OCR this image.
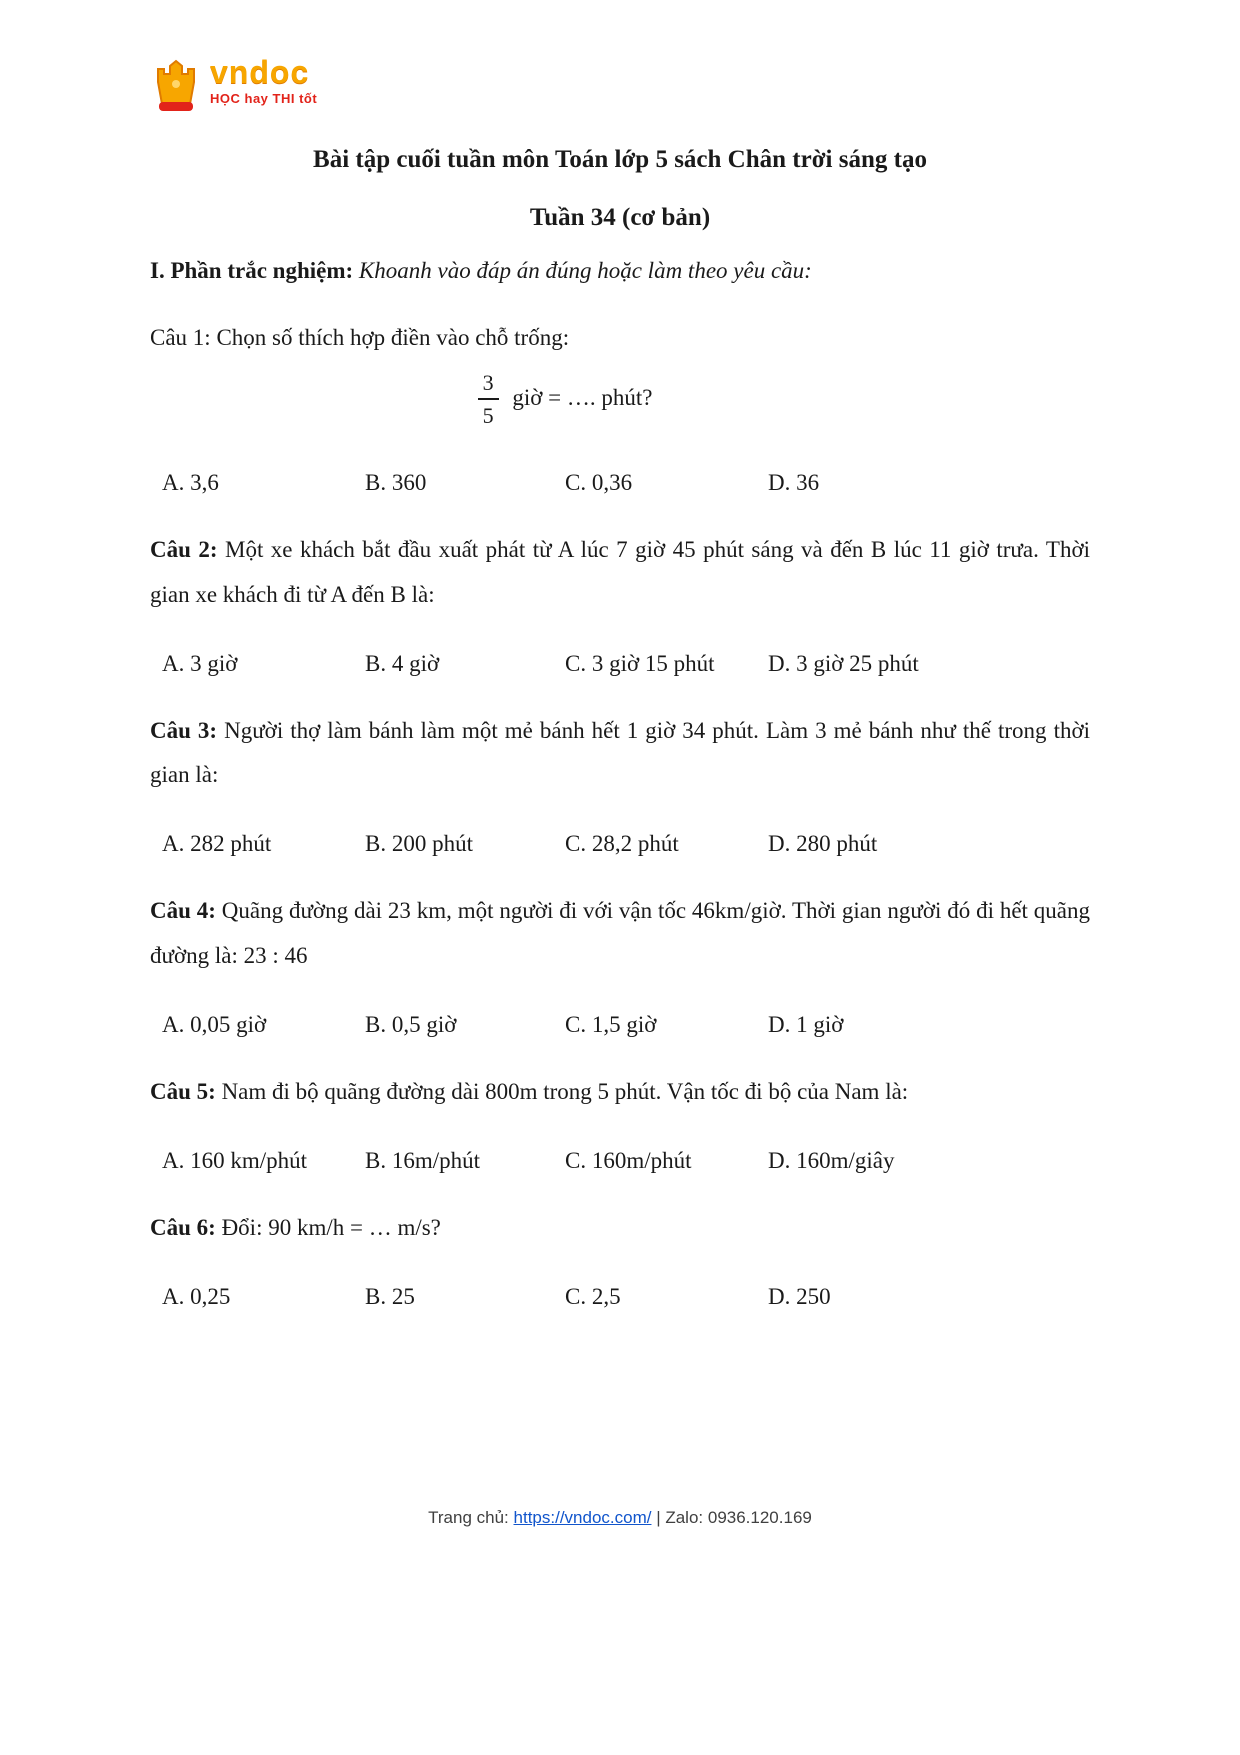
vndoc
HỌC hay THI tốt
Bài tập cuối tuần môn Toán lớp 5 sách Chân trời sáng tạo
Tuần 34 (cơ bản)

I. Phần trắc nghiệm: Khoanh vào đáp án đúng hoặc làm theo yêu cầu:

Câu 1: Chọn số thích hợp điền vào chỗ trống:

$\frac{3}{5}$ giờ = …. phút?
A. 3,6	B. 360	C. 0,36	D. 36

Câu 2: Một xe khách bắt đầu xuất phát từ A lúc 7 giờ 45 phút sáng và đến B lúc 11 giờ trưa. Thời gian xe khách đi từ A đến B là:

A. 3 giờ	B. 4 giờ	C. 3 giờ 15 phút	D. 3 giờ 25 phút

Câu 3: Người thợ làm bánh làm một mẻ bánh hết 1 giờ 34 phút. Làm 3 mẻ bánh như thế trong thời gian là:

A. 282 phút	B. 200 phút	C. 28,2 phút	D. 280 phút

Câu 4: Quãng đường dài 23 km, một người đi với vận tốc 46km/giờ. Thời gian người đó đi hết quãng đường là: 23 : 46

A. 0,05 giờ	B. 0,5 giờ	C. 1,5 giờ	D. 1 giờ

Câu 5: Nam đi bộ quãng đường dài 800m trong 5 phút. Vận tốc đi bộ của Nam là:

A. 160 km/phút	B. 16m/phút	C. 160m/phút	D. 160m/giây

Câu 6: Đổi: 90 km/h = … m/s?

A. 0,25	B. 25	C. 2,5	D. 250
Trang chủ: https://vndoc.com/ | Zalo: 0936.120.169
